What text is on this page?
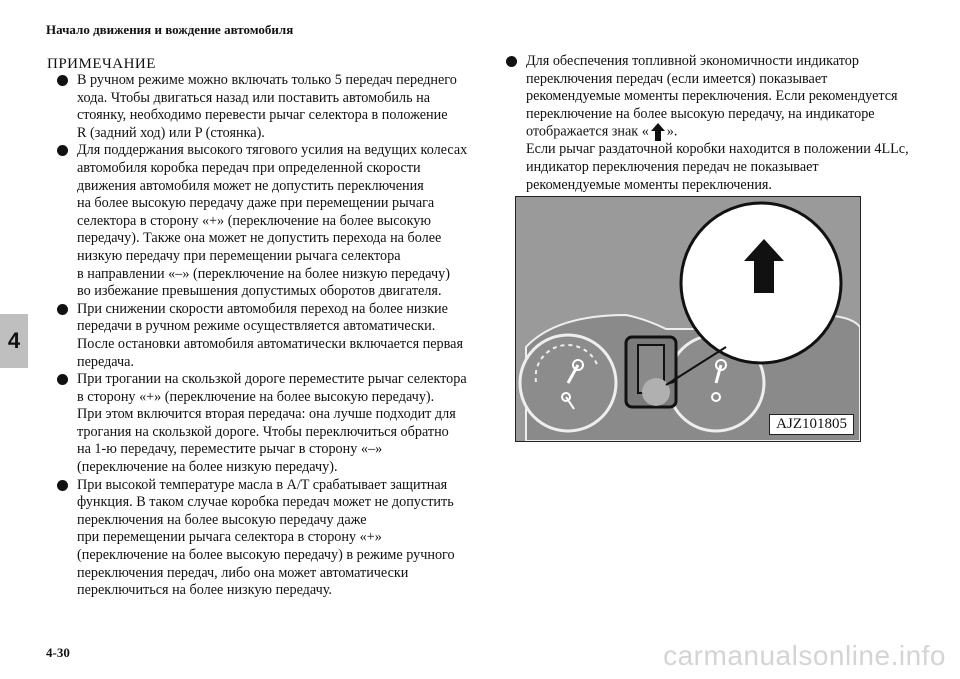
Начало движения и вождение автомобиля
4
ПРИМЕЧАНИЕ
В ручном режиме можно включать только 5 передач переднего
хода. Чтобы двигаться назад или поставить автомобиль на
стоянку, необходимо перевести рычаг селектора в положение
R (задний ход) или P (стоянка).
Для поддержания высокого тягового усилия на ведущих колесах
автомобиля коробка передач при определенной скорости
движения автомобиля может не допустить переключения
на более высокую передачу даже при перемещении рычага
селектора в сторону «+» (переключение на более высокую
передачу). Также она может не допустить перехода на более
низкую передачу при перемещении рычага селектора
в направлении «–» (переключение на более низкую передачу)
во избежание превышения допустимых оборотов двигателя.
При снижении скорости автомобиля переход на более низкие
передачи в ручном режиме осуществляется автоматически.
После остановки автомобиля автоматически включается первая
передача.
При трогании на скользкой дороге переместите рычаг селектора
в сторону «+» (переключение на более высокую передачу).
При этом включится вторая передача: она лучше подходит для
трогания на скользкой дороге. Чтобы переключиться обратно
на 1-ю передачу, переместите рычаг в сторону «–»
(переключение на более низкую передачу).
При высокой температуре масла в A/T срабатывает защитная
функция. В таком случае коробка передач может не допустить
переключения на более высокую передачу даже
при перемещении рычага селектора в сторону «+»
(переключение на более высокую передачу) в режиме ручного
переключения передач, либо она может автоматически
переключиться на более низкую передачу.
Для обеспечения топливной экономичности индикатор
переключения передач (если имеется) показывает
рекомендуемые моменты переключения. Если рекомендуется
переключение на более высокую передачу, на индикаторе
отображается знак « ».
Если рычаг раздаточной коробки находится в положении 4LLc,
индикатор переключения передач не показывает
рекомендуемые моменты переключения.
AJZ101805
4-30	carmanualsonline.info
